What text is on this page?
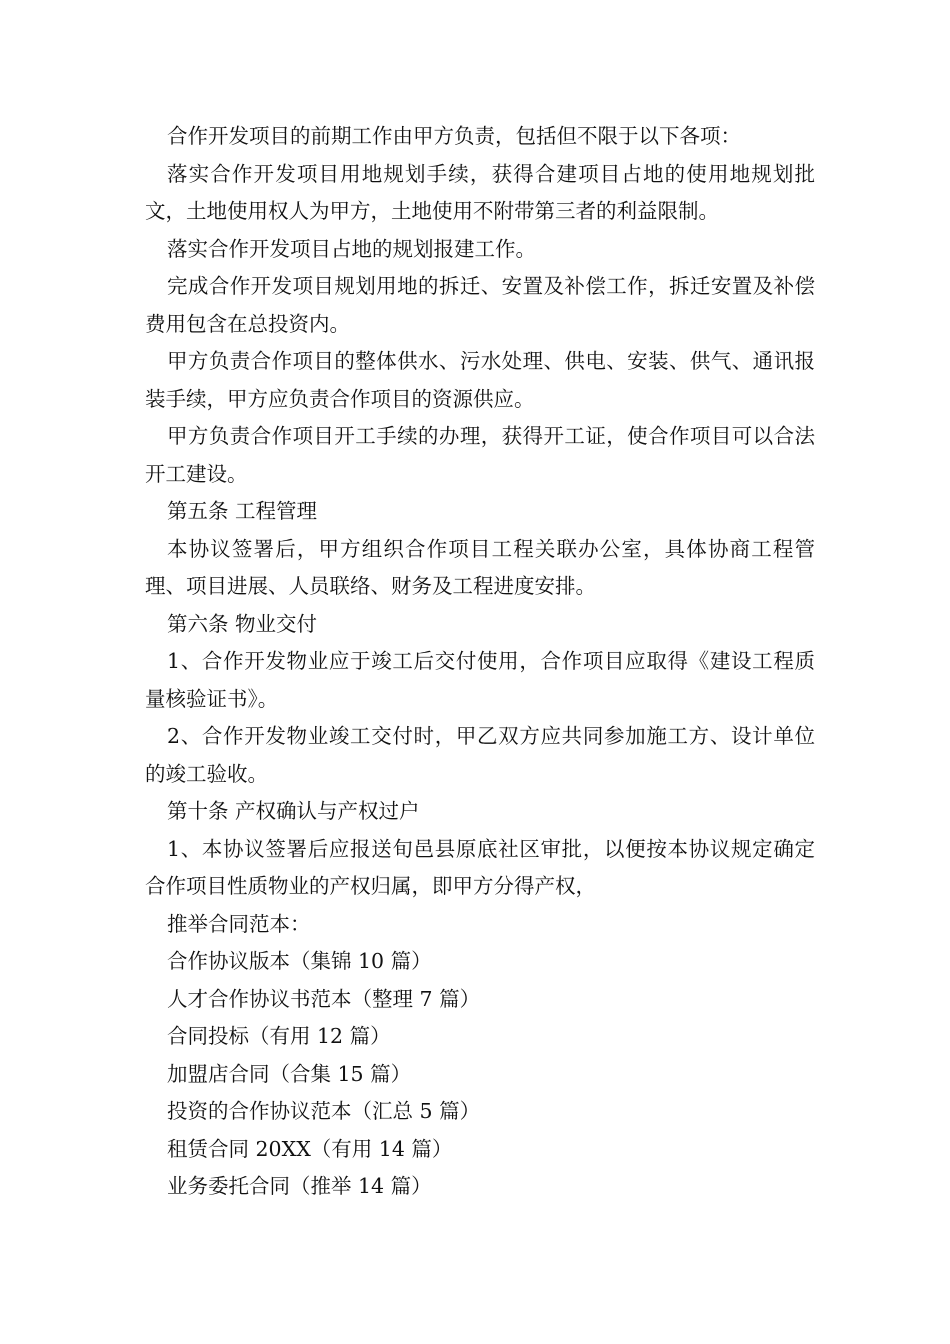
合作开发项目的前期工作由甲方负责，包括但不限于以下各项：

落实合作开发项目用地规划手续，获得合建项目占地的使用地规划批文，土地使用权人为甲方，土地使用不附带第三者的利益限制。

落实合作开发项目占地的规划报建工作。

完成合作开发项目规划用地的拆迁、安置及补偿工作，拆迁安置及补偿费用包含在总投资内。

甲方负责合作项目的整体供水、污水处理、供电、安装、供气、通讯报装手续，甲方应负责合作项目的资源供应。

甲方负责合作项目开工手续的办理，获得开工证，使合作项目可以合法开工建设。

第五条 工程管理

本协议签署后，甲方组织合作项目工程关联办公室，具体协商工程管理、项目进展、人员联络、财务及工程进度安排。

第六条 物业交付

1、合作开发物业应于竣工后交付使用，合作项目应取得《建设工程质量核验证书》。

2、合作开发物业竣工交付时，甲乙双方应共同参加施工方、设计单位的竣工验收。

第十条 产权确认与产权过户

1、本协议签署后应报送旬邑县原底社区审批，以便按本协议规定确定合作项目性质物业的产权归属，即甲方分得产权，

推举合同范本：

合作协议版本（集锦 10 篇）

人才合作协议书范本（整理 7 篇）

合同投标（有用 12 篇）

加盟店合同（合集 15 篇）

投资的合作协议范本（汇总 5 篇）

租赁合同 20XX（有用 14 篇）

业务委托合同（推举 14 篇）
